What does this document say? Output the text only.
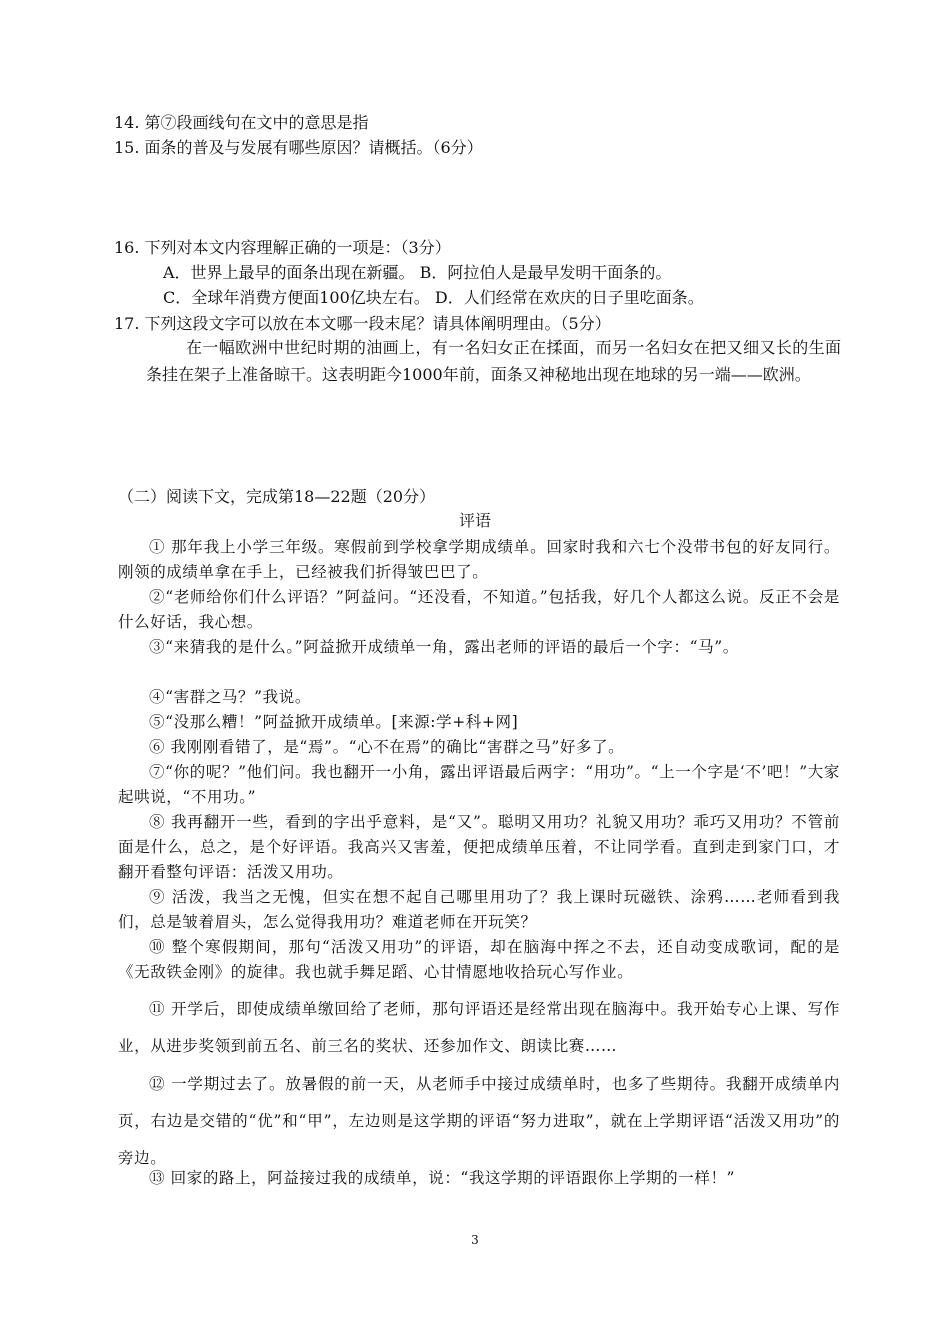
14. 第⑦段画线句在文中的意思是指
15. 面条的普及与发展有哪些原因？请概括。（6分）
16. 下列对本文内容理解正确的一项是：（3分）
A．世界上最早的面条出现在新疆。 B．阿拉伯人是最早发明干面条的。
C．全球年消费方便面100亿块左右。 D．人们经常在欢庆的日子里吃面条。
17. 下列这段文字可以放在本文哪一段末尾？请具体阐明理由。（5分）
在一幅欧洲中世纪时期的油画上，有一名妇女正在揉面，而另一名妇女在把又细又长的生面条挂在架子上准备晾干。这表明距今1000年前，面条又神秘地出现在地球的另一端——欧洲。
（二）阅读下文，完成第18—22题（20分）
评语
① 那年我上小学三年级。寒假前到学校拿学期成绩单。回家时我和六七个没带书包的好友同行。刚领的成绩单拿在手上，已经被我们折得皱巴巴了。
②“老师给你们什么评语？”阿益问。“还没看，不知道。”包括我，好几个人都这么说。反正不会是什么好话，我心想。
③“来猜我的是什么。”阿益掀开成绩单一角，露出老师的评语的最后一个字：“马”。
④“害群之马？”我说。
⑤“没那么糟！”阿益掀开成绩单。[来源:学+科+网]
⑥ 我刚刚看错了，是“焉”。“心不在焉”的确比“害群之马”好多了。
⑦“你的呢？”他们问。我也翻开一小角，露出评语最后两字：“用功”。“上一个字是‘不’吧！”大家起哄说，“不用功。”
⑧ 我再翻开一些，看到的字出乎意料，是“又”。聪明又用功？礼貌又用功？乖巧又用功？不管前面是什么，总之，是个好评语。我高兴又害羞，便把成绩单压着，不让同学看。直到走到家门口，才翻开看整句评语：活泼又用功。
⑨ 活泼，我当之无愧，但实在想不起自己哪里用功了？我上课时玩磁铁、涂鸦……老师看到我们，总是皱着眉头，怎么觉得我用功？难道老师在开玩笑？
⑩ 整个寒假期间，那句“活泼又用功”的评语，却在脑海中挥之不去，还自动变成歌词，配的是《无敌铁金刚》的旋律。我也就手舞足蹈、心甘情愿地收拾玩心写作业。
⑪ 开学后，即使成绩单缴回给了老师，那句评语还是经常出现在脑海中。我开始专心上课、写作业，从进步奖领到前五名、前三名的奖状、还参加作文、朗读比赛……
⑫ 一学期过去了。放暑假的前一天，从老师手中接过成绩单时，也多了些期待。我翻开成绩单内页，右边是交错的“优”和“甲”，左边则是这学期的评语“努力进取”，就在上学期评语“活泼又用功”的旁边。
⑬ 回家的路上，阿益接过我的成绩单，说：“我这学期的评语跟你上学期的一样！”
3
